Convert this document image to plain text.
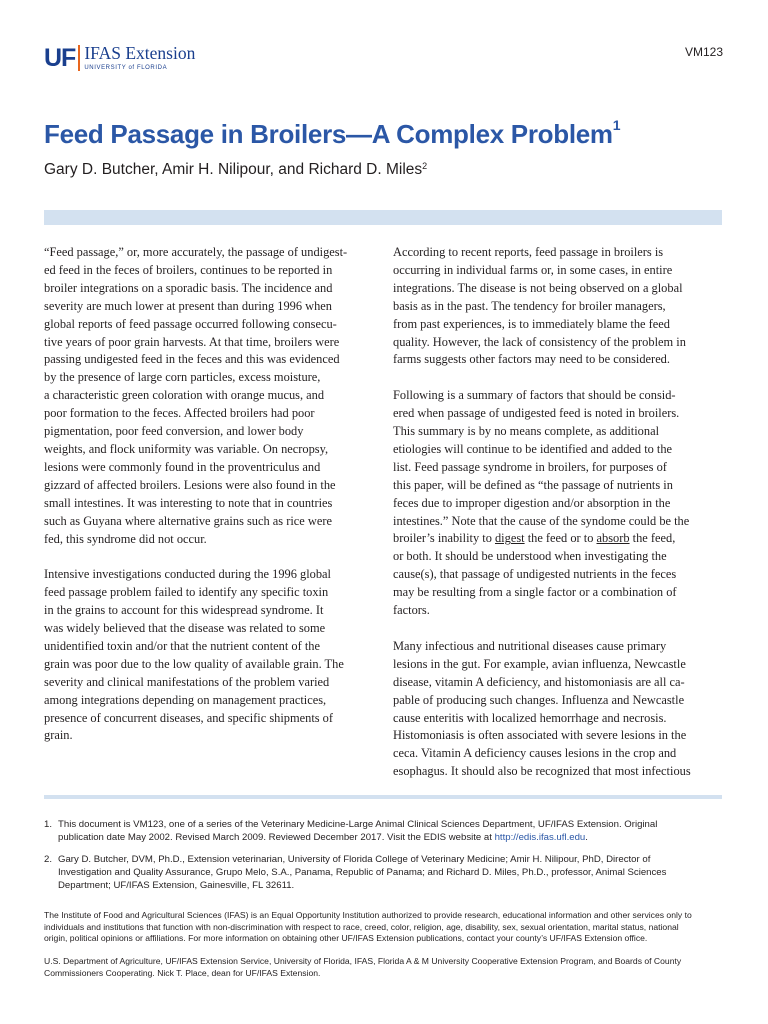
UF IFAS Extension
UNIVERSITY of FLORIDA
VM123
Feed Passage in Broilers—A Complex Problem$^1$
Gary D. Butcher, Amir H. Nilipour, and Richard D. Miles$^2$

“Feed passage,” or, more accurately, the passage of undigest-
ed feed in the feces of broilers, continues to be reported in
broiler integrations on a sporadic basis. The incidence and
severity are much lower at present than during 1996 when
global reports of feed passage occurred following consecu-
tive years of poor grain harvests. At that time, broilers were
passing undigested feed in the feces and this was evidenced
by the presence of large corn particles, excess moisture,
a characteristic green coloration with orange mucus, and
poor formation to the feces. Affected broilers had poor
pigmentation, poor feed conversion, and lower body
weights, and flock uniformity was variable. On necropsy,
lesions were commonly found in the proventriculus and
gizzard of affected broilers. Lesions were also found in the
small intestines. It was interesting to note that in countries
such as Guyana where alternative grains such as rice were
fed, this syndrome did not occur.

Intensive investigations conducted during the 1996 global
feed passage problem failed to identify any specific toxin
in the grains to account for this widespread syndrome. It
was widely believed that the disease was related to some
unidentified toxin and/or that the nutrient content of the
grain was poor due to the low quality of available grain. The
severity and clinical manifestations of the problem varied
among integrations depending on management practices,
presence of concurrent diseases, and specific shipments of
grain.

According to recent reports, feed passage in broilers is
occurring in individual farms or, in some cases, in entire
integrations. The disease is not being observed on a global
basis as in the past. The tendency for broiler managers,
from past experiences, is to immediately blame the feed
quality. However, the lack of consistency of the problem in
farms suggests other factors may need to be considered.

Following is a summary of factors that should be consid-
ered when passage of undigested feed is noted in broilers.
This summary is by no means complete, as additional
etiologies will continue to be identified and added to the
list. Feed passage syndrome in broilers, for purposes of
this paper, will be defined as “the passage of nutrients in
feces due to improper digestion and/or absorption in the
intestines.” Note that the cause of the syndome could be the
broiler’s inability to digest the feed or to absorb the feed,
or both. It should be understood when investigating the
cause(s), that passage of undigested nutrients in the feces
may be resulting from a single factor or a combination of
factors.

Many infectious and nutritional diseases cause primary
lesions in the gut. For example, avian influenza, Newcastle
disease, vitamin A deficiency, and histomoniasis are all ca-
pable of producing such changes. Influenza and Newcastle
cause enteritis with localized hemorrhage and necrosis.
Histomoniasis is often associated with severe lesions in the
ceca. Vitamin A deficiency causes lesions in the crop and
esophagus. It should also be recognized that most infectious

1. This document is VM123, one of a series of the Veterinary Medicine-Large Animal Clinical Sciences Department, UF/IFAS Extension. Original
publication date May 2002. Revised March 2009. Reviewed December 2017. Visit the EDIS website at http://edis.ifas.ufl.edu.
2. Gary D. Butcher, DVM, Ph.D., Extension veterinarian, University of Florida College of Veterinary Medicine; Amir H. Nilipour, PhD, Director of
Investigation and Quality Assurance, Grupo Melo, S.A., Panama, Republic of Panama; and Richard D. Miles, Ph.D., professor, Animal Sciences
Department; UF/IFAS Extension, Gainesville, FL 32611.
The Institute of Food and Agricultural Sciences (IFAS) is an Equal Opportunity Institution authorized to provide research, educational information and other services only to
individuals and institutions that function with non-discrimination with respect to race, creed, color, religion, age, disability, sex, sexual orientation, marital status, national
origin, political opinions or affiliations. For more information on obtaining other UF/IFAS Extension publications, contact your county’s UF/IFAS Extension office.
U.S. Department of Agriculture, UF/IFAS Extension Service, University of Florida, IFAS, Florida A & M University Cooperative Extension Program, and Boards of County
Commissioners Cooperating. Nick T. Place, dean for UF/IFAS Extension.
